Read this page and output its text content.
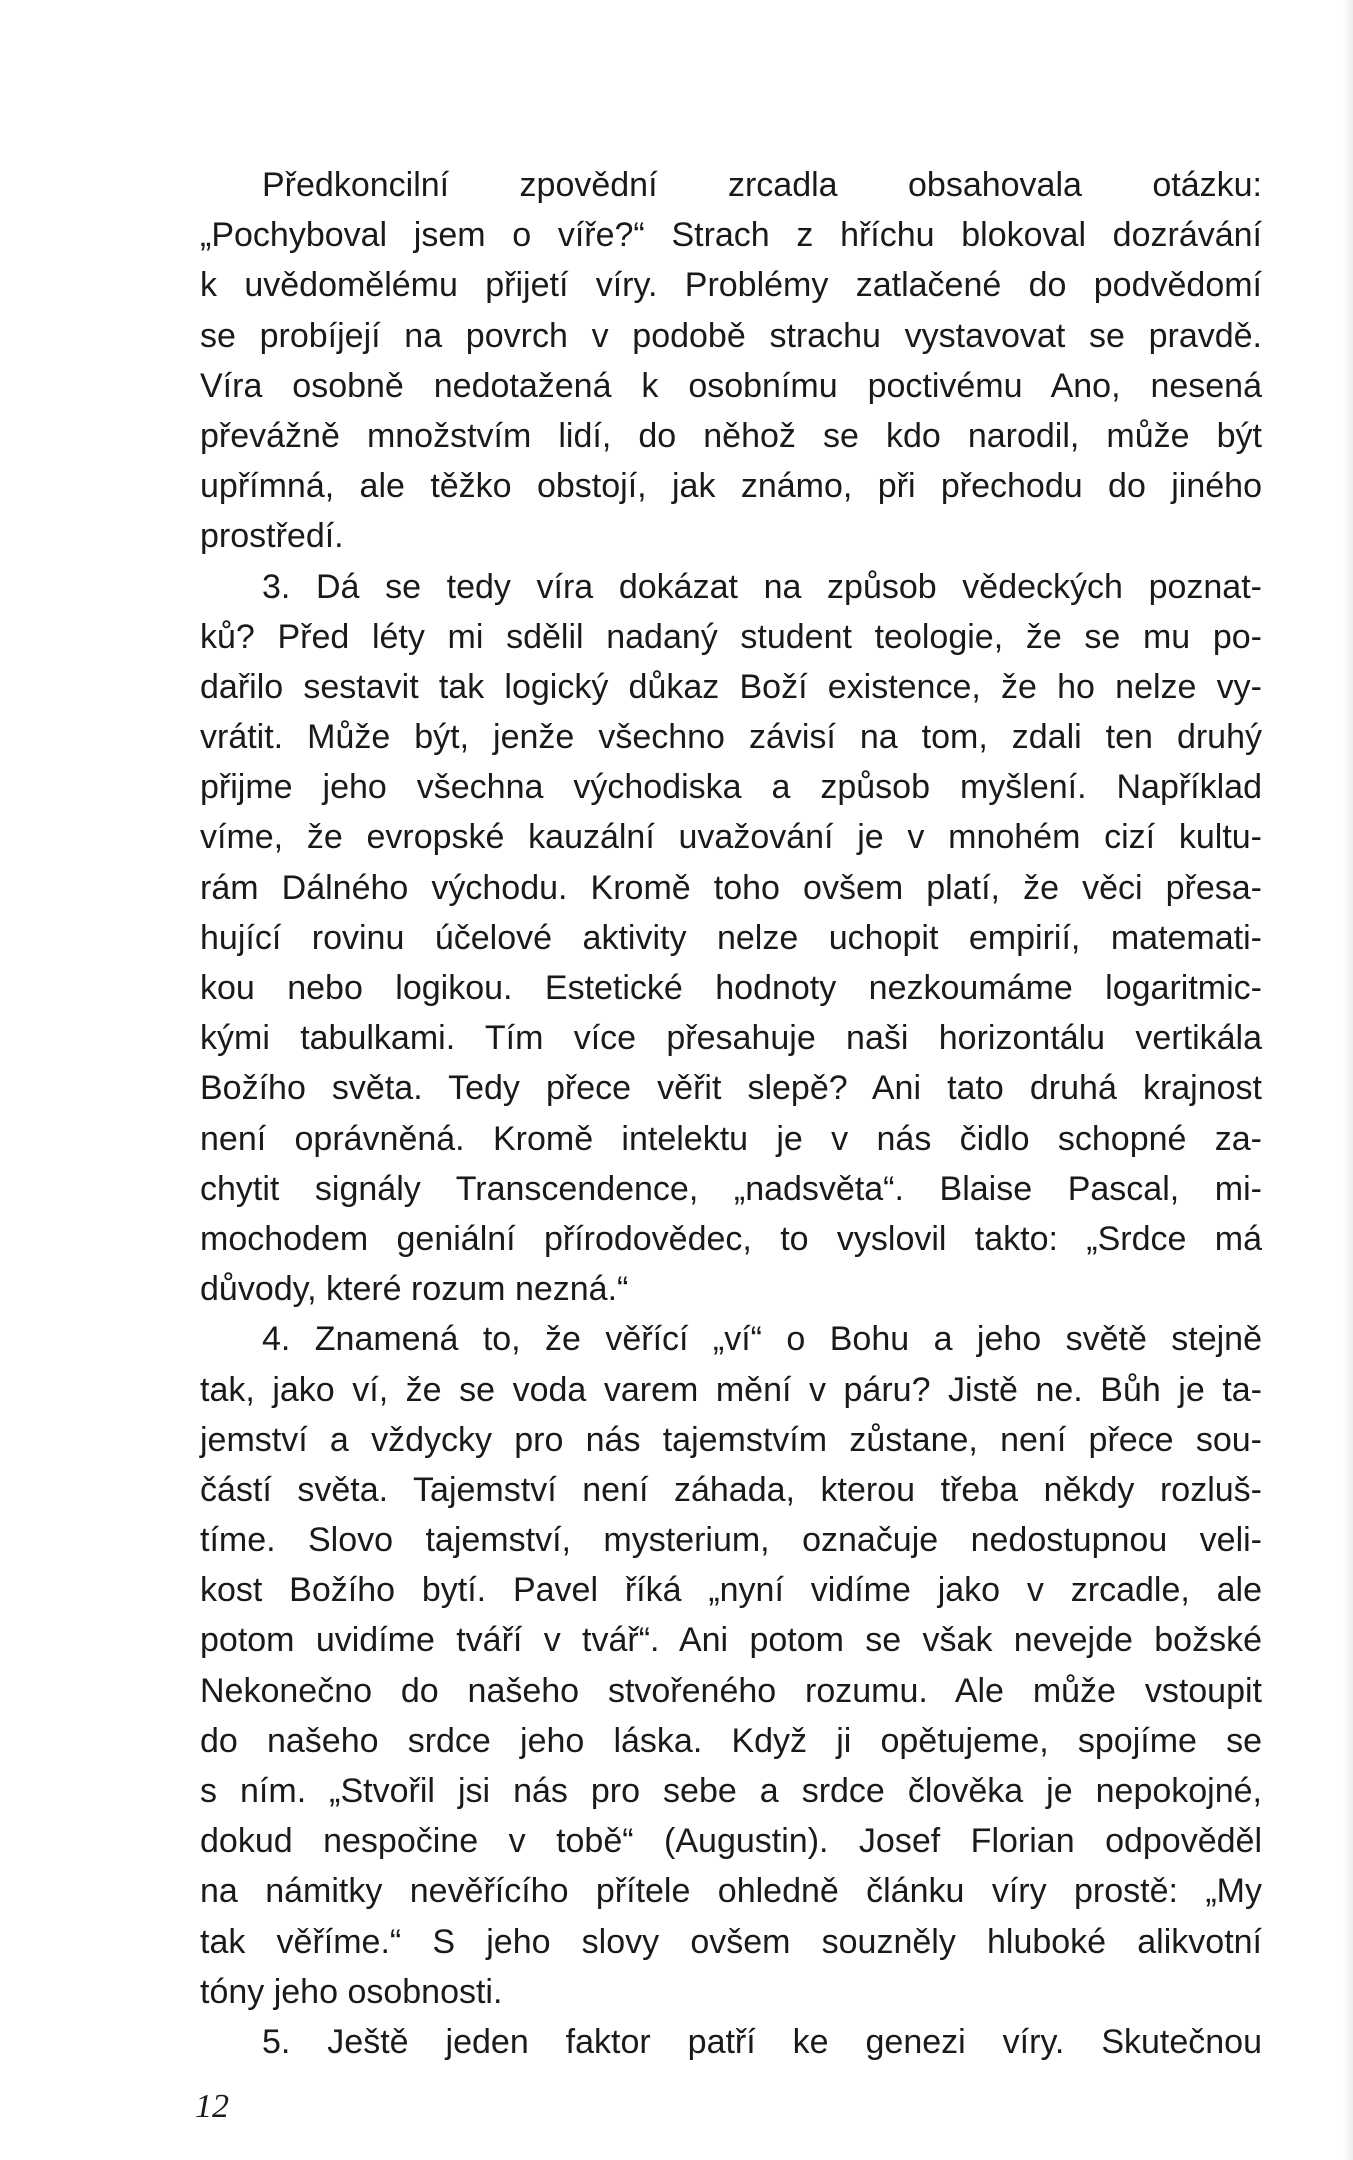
Předkoncilní zpovědní zrcadla obsahovala otázku:
„Pochyboval jsem o víře?“ Strach z hříchu blokoval dozrávání
k uvědomělému přijetí víry. Problémy zatlačené do podvědomí
se probíjejí na povrch v podobě strachu vystavovat se pravdě.
Víra osobně nedotažená k osobnímu poctivému Ano, nesená
převážně množstvím lidí, do něhož se kdo narodil, může být
upřímná, ale těžko obstojí, jak známo, při přechodu do jiného
prostředí.
3. Dá se tedy víra dokázat na způsob vědeckých poznat-
ků? Před léty mi sdělil nadaný student teologie, že se mu po-
dařilo sestavit tak logický důkaz Boží existence, že ho nelze vy-
vrátit. Může být, jenže všechno závisí na tom, zdali ten druhý
přijme jeho všechna východiska a způsob myšlení. Například
víme, že evropské kauzální uvažování je v mnohém cizí kultu-
rám Dálného východu. Kromě toho ovšem platí, že věci přesa-
hující rovinu účelové aktivity nelze uchopit empirií, matemati-
kou nebo logikou. Estetické hodnoty nezkoumáme logaritmic-
kými tabulkami. Tím více přesahuje naši horizontálu vertikála
Božího světa. Tedy přece věřit slepě? Ani tato druhá krajnost
není oprávněná. Kromě intelektu je v nás čidlo schopné za-
chytit signály Transcendence, „nadsvěta“. Blaise Pascal, mi-
mochodem geniální přírodovědec, to vyslovil takto: „Srdce má
důvody, které rozum nezná.“
4. Znamená to, že věřící „ví“ o Bohu a jeho světě stejně
tak, jako ví, že se voda varem mění v páru? Jistě ne. Bůh je ta-
jemství a vždycky pro nás tajemstvím zůstane, není přece sou-
částí světa. Tajemství není záhada, kterou třeba někdy rozluš-
tíme. Slovo tajemství, mysterium, označuje nedostupnou veli-
kost Božího bytí. Pavel říká „nyní vidíme jako v zrcadle, ale
potom uvidíme tváří v tvář“. Ani potom se však nevejde božské
Nekonečno do našeho stvořeného rozumu. Ale může vstoupit
do našeho srdce jeho láska. Když ji opětujeme, spojíme se
s ním. „Stvořil jsi nás pro sebe a srdce člověka je nepokojné,
dokud nespočine v tobě“ (Augustin). Josef Florian odpověděl
na námitky nevěřícího přítele ohledně článku víry prostě: „My
tak věříme.“ S jeho slovy ovšem souzněly hluboké alikvotní
tóny jeho osobnosti.
5. Ještě jeden faktor patří ke genezi víry. Skutečnou
12
